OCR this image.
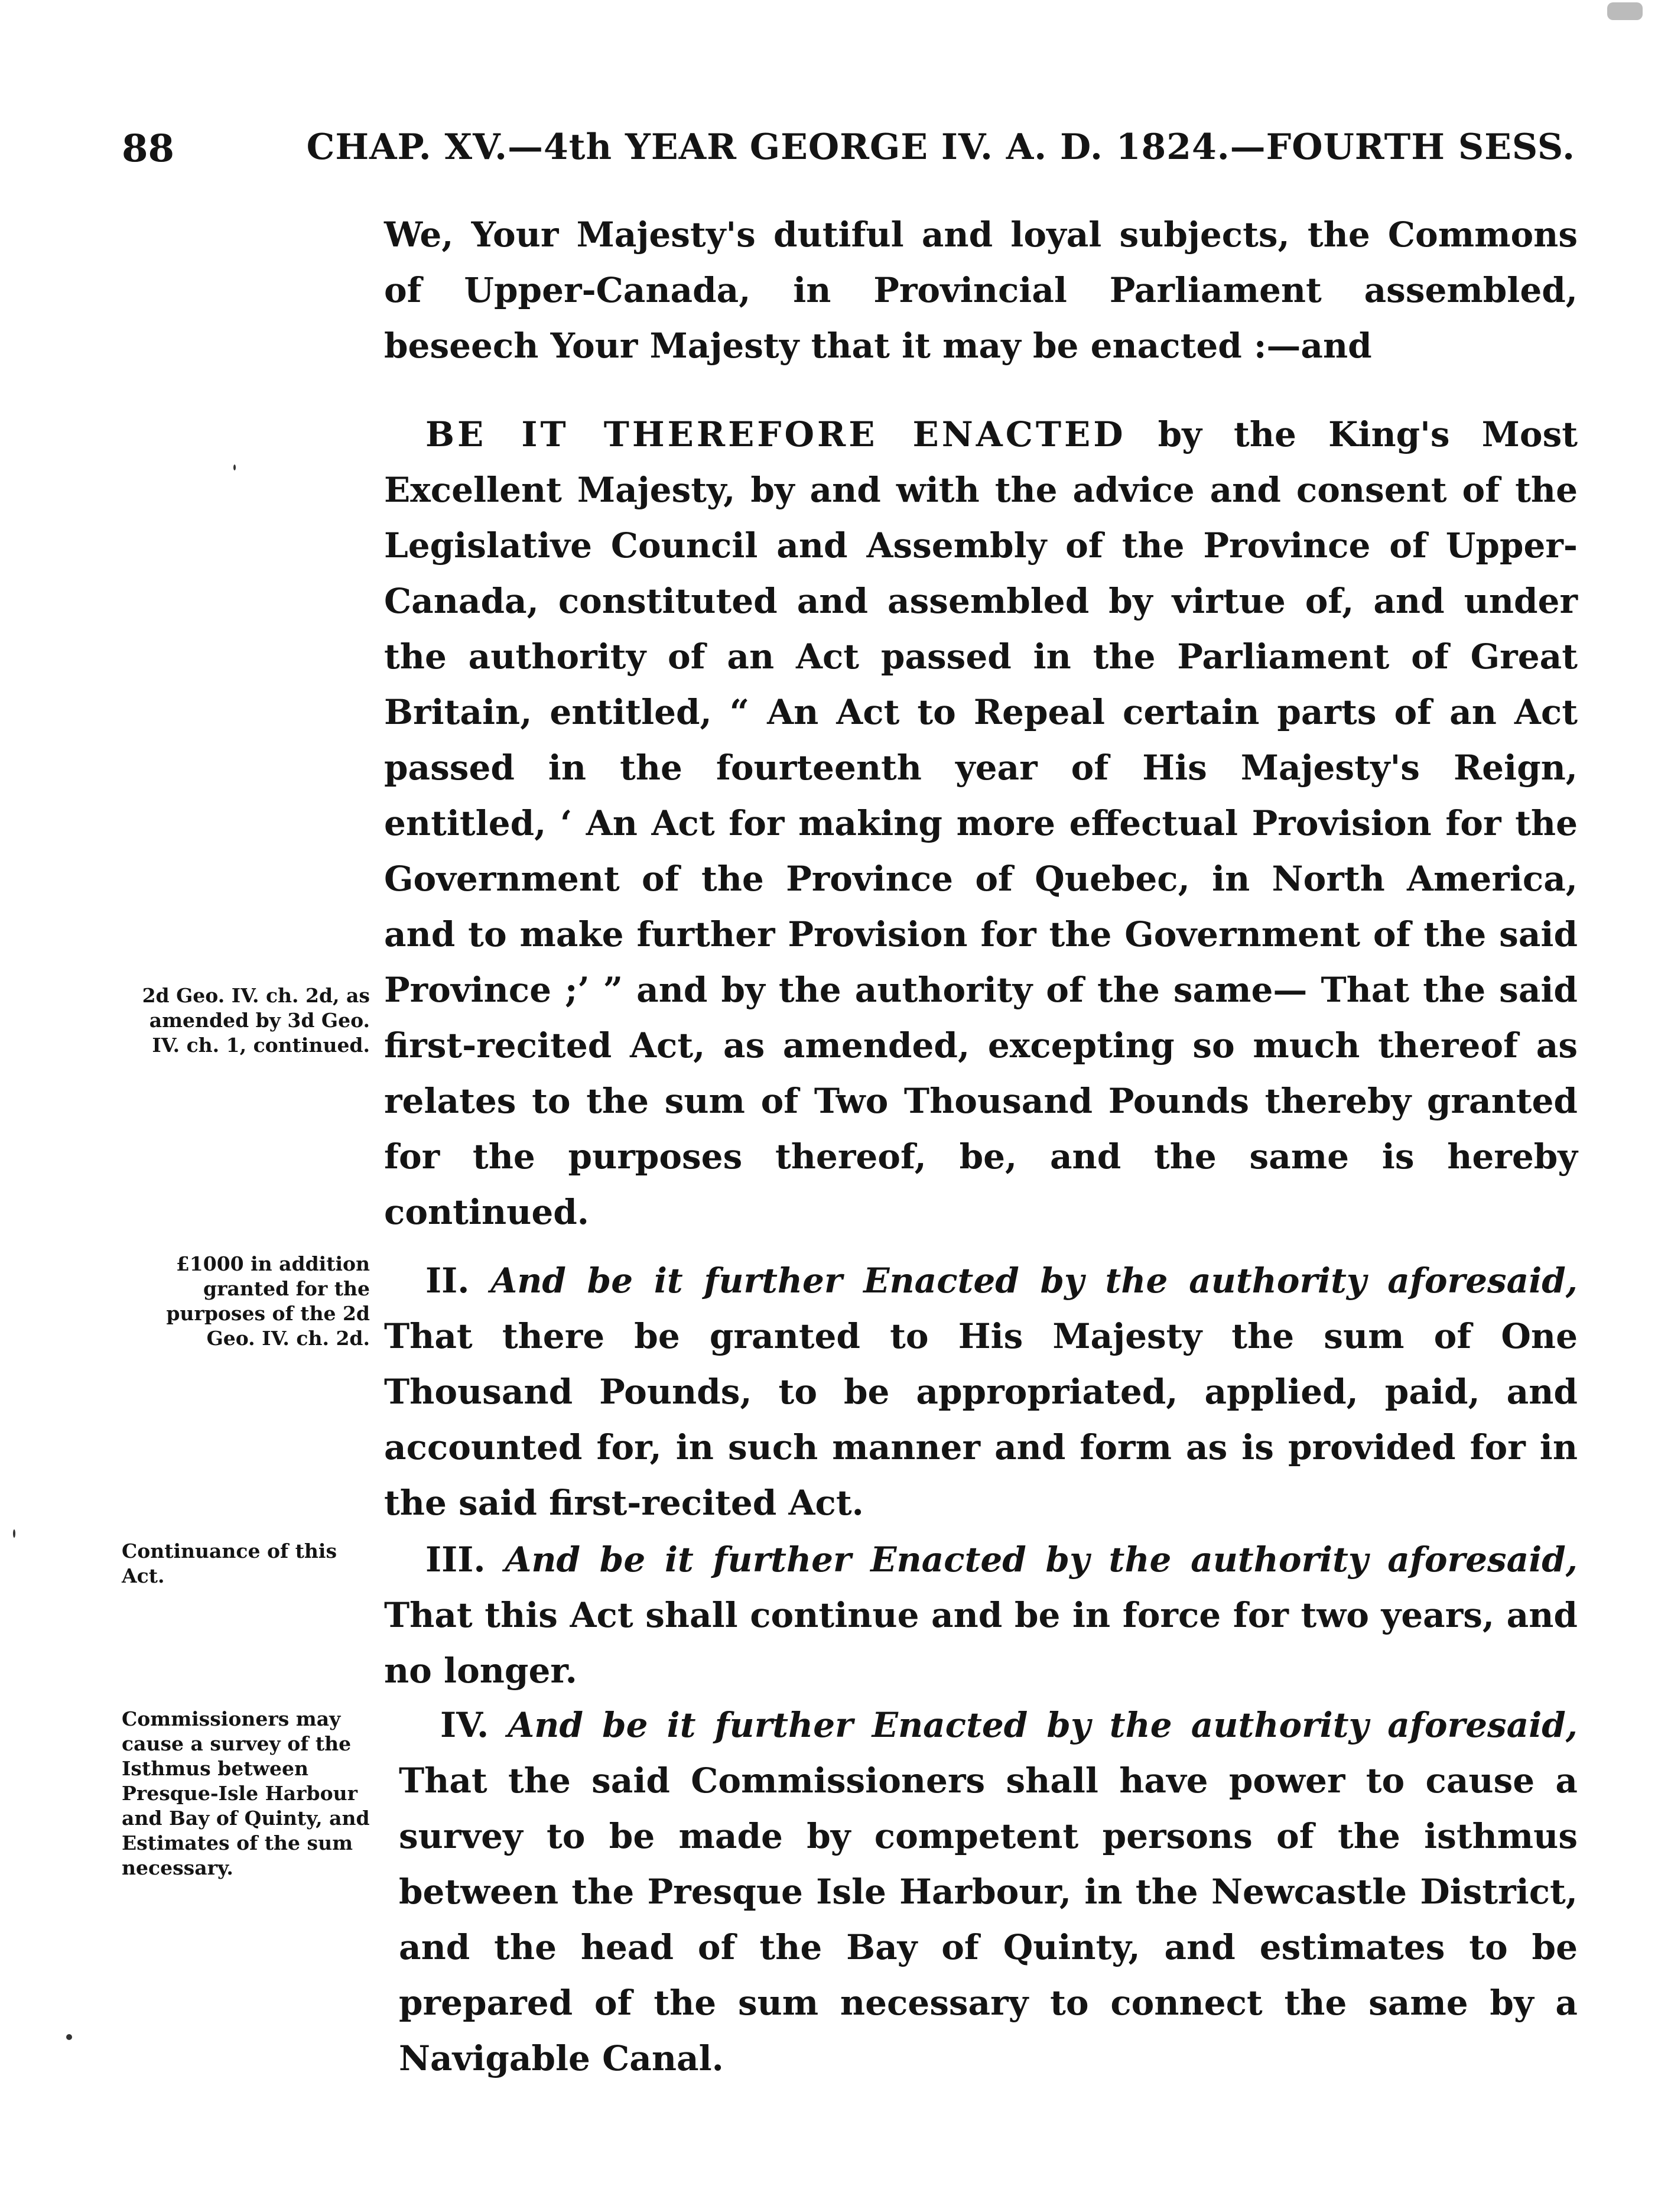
88	CHAP. XV.—4th YEAR GEORGE IV. A. D. 1824.—FOURTH SESS.

We, Your Majesty's dutiful and loyal subjects, the Commons of Upper-Canada, in Provincial Parliament assembled, beseech Your Majesty that it may be enacted :—and

BE IT THEREFORE ENACTED by the King's Most Excellent Majesty, by and with the advice and consent of the Legislative Council and Assembly of the Province of Upper-Canada, constituted and assembled by virtue of, and under the authority of an Act passed in the Parliament of Great Britain, entitled, “ An Act to Repeal certain parts of an Act passed in the fourteenth year of His Majesty's Reign, entitled, ‘ An Act for making more effectual Provision for the Government of the Province of Quebec, in North America, and to make further Provision for the Government of the said Province ;’ ” and by the authority of the same— That the said first-recited Act, as amended, excepting so much thereof as relates to the sum of Two Thousand Pounds thereby granted for the purposes thereof, be, and the same is hereby continued.

2d Geo. IV. ch. 2d, as amended by 3d Geo. IV. ch. 1, continued.

II. And be it further Enacted by the authority aforesaid, That there be granted to His Majesty the sum of One Thousand Pounds, to be appropriated, applied, paid, and accounted for, in such manner and form as is provided for in the said first-recited Act.

£1000 in addition granted for the purposes of the 2d Geo. IV. ch. 2d.

III. And be it further Enacted by the authority aforesaid, That this Act shall continue and be in force for two years, and no longer.

Continuance of this Act.

IV. And be it further Enacted by the authority aforesaid, That the said Commissioners shall have power to cause a survey to be made by competent persons of the isthmus between the Presque Isle Harbour, in the Newcastle District, and the head of the Bay of Quinty, and estimates to be prepared of the sum necessary to connect the same by a Navigable Canal.

Commissioners may cause a survey of the Isthmus between Presque-Isle Harbour and Bay of Quinty, and Estimates of the sum necessary.
